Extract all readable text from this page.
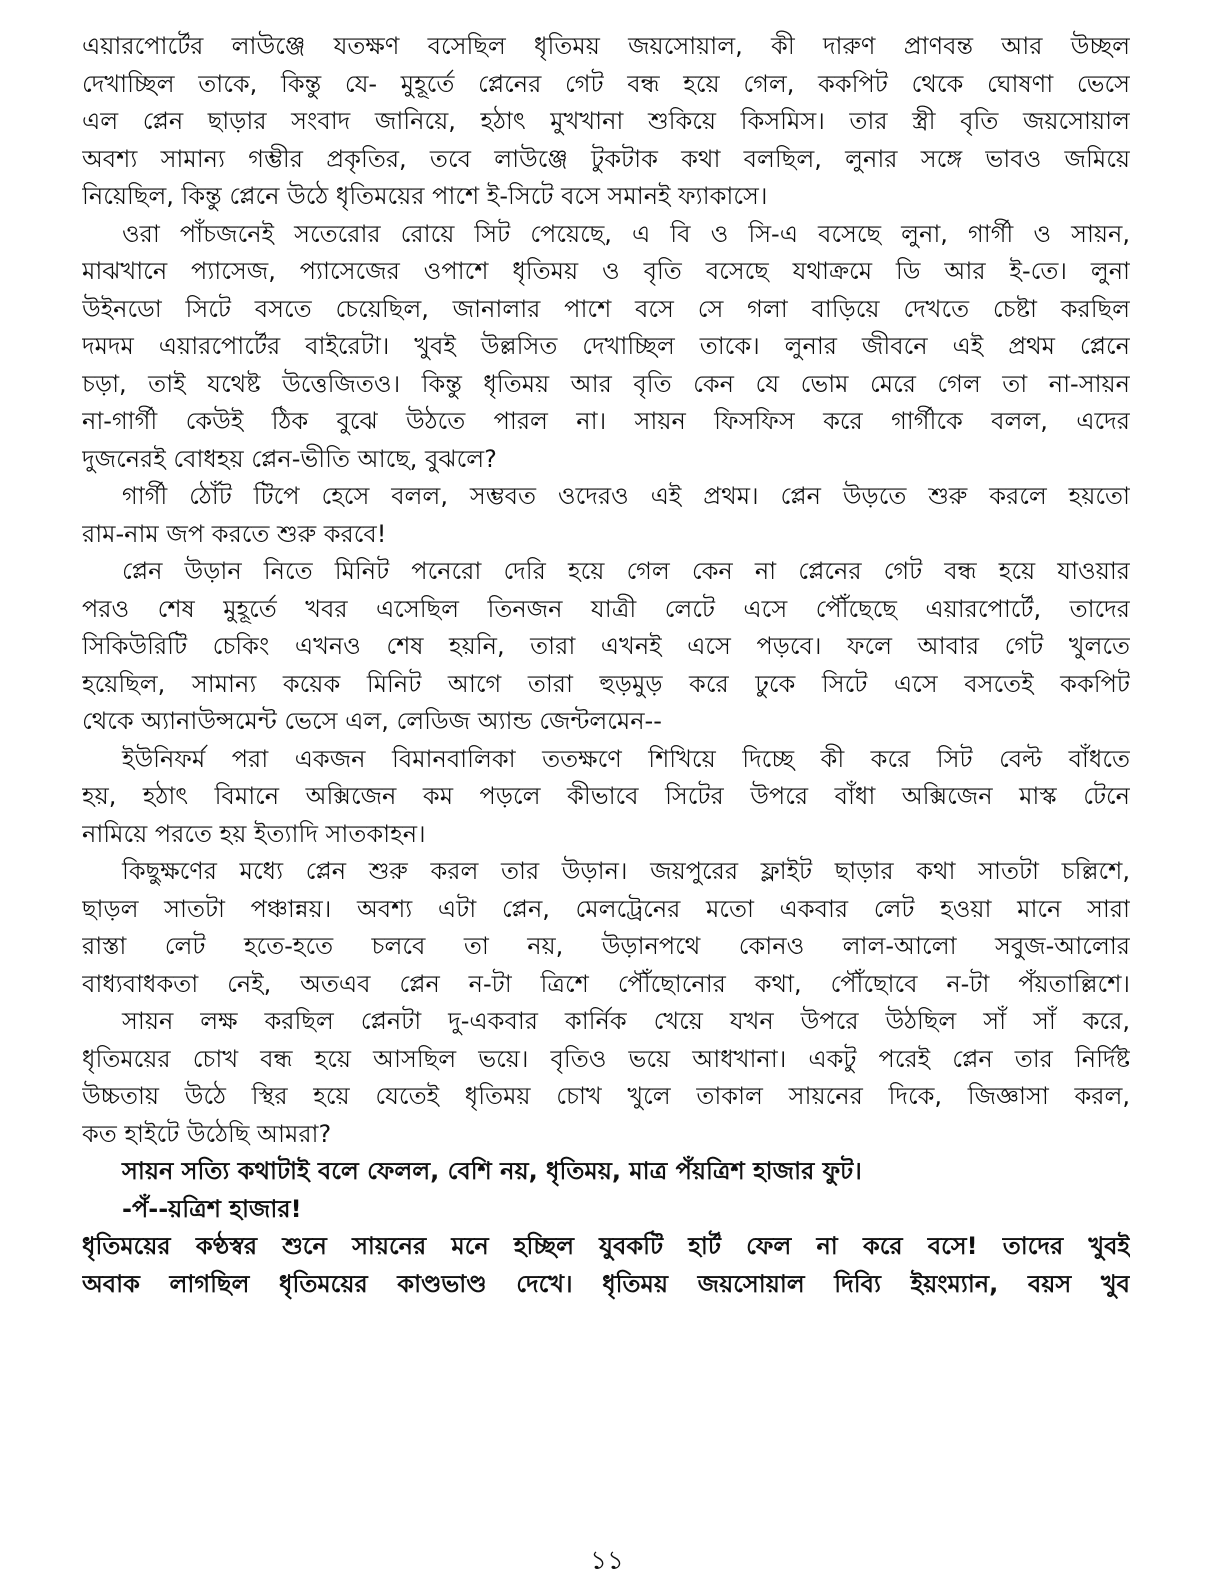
এয়ারপোর্টের লাউঞ্জে যতক্ষণ বসেছিল ধৃতিময় জয়সোয়াল, কী দারুণ প্রাণবন্ত আর উচ্ছল
দেখাচ্ছিল তাকে, কিন্তু যে- মুহূর্তে প্লেনের গেট বন্ধ হয়ে গেল, ককপিট থেকে ঘোষণা ভেসে
এল প্লেন ছাড়ার সংবাদ জানিয়ে, হঠাৎ মুখখানা শুকিয়ে কিসমিস। তার স্ত্রী বৃতি জয়সোয়াল
অবশ্য সামান্য গম্ভীর প্রকৃতির, তবে লাউঞ্জে টুকটাক কথা বলছিল, লুনার সঙ্গে ভাবও জমিয়ে
নিয়েছিল, কিন্তু প্লেনে উঠে ধৃতিময়ের পাশে ই-সিটে বসে সমানই ফ্যাকাসে।
ওরা পাঁচজনেই সতেরোর রোয়ে সিট পেয়েছে, এ বি ও সি-এ বসেছে লুনা, গার্গী ও সায়ন,
মাঝখানে প্যাসেজ, প্যাসেজের ওপাশে ধৃতিময় ও বৃতি বসেছে যথাক্রমে ডি আর ই-তে। লুনা
উইনডো সিটে বসতে চেয়েছিল, জানালার পাশে বসে সে গলা বাড়িয়ে দেখতে চেষ্টা করছিল
দমদম এয়ারপোর্টের বাইরেটা। খুবই উল্লসিত দেখাচ্ছিল তাকে। লুনার জীবনে এই প্রথম প্লেনে
চড়া, তাই যথেষ্ট উত্তেজিতও। কিন্তু ধৃতিময় আর বৃতি কেন যে ভোম মেরে গেল তা না-সায়ন
না-গার্গী কেউই ঠিক বুঝে উঠতে পারল না। সায়ন ফিসফিস করে গার্গীকে বলল, এদের
দুজনেরই বোধহয় প্লেন-ভীতি আছে, বুঝলে?
গার্গী ঠোঁট টিপে হেসে বলল, সম্ভবত ওদেরও এই প্রথম। প্লেন উড়তে শুরু করলে হয়তো
রাম-নাম জপ করতে শুরু করবে!
প্লেন উড়ান নিতে মিনিট পনেরো দেরি হয়ে গেল কেন না প্লেনের গেট বন্ধ হয়ে যাওয়ার
পরও শেষ মুহূর্তে খবর এসেছিল তিনজন যাত্রী লেটে এসে পৌঁছেছে এয়ারপোর্টে, তাদের
সিকিউরিটি চেকিং এখনও শেষ হয়নি, তারা এখনই এসে পড়বে। ফলে আবার গেট খুলতে
হয়েছিল, সামান্য কয়েক মিনিট আগে তারা হুড়মুড় করে ঢুকে সিটে এসে বসতেই ককপিট
থেকে অ্যানাউন্সমেন্ট ভেসে এল, লেডিজ অ্যান্ড জেন্টলমেন--
ইউনিফর্ম পরা একজন বিমানবালিকা ততক্ষণে শিখিয়ে দিচ্ছে কী করে সিট বেল্ট বাঁধতে
হয়, হঠাৎ বিমানে অক্সিজেন কম পড়লে কীভাবে সিটের উপরে বাঁধা অক্সিজেন মাস্ক টেনে
নামিয়ে পরতে হয় ইত্যাদি সাতকাহন।
কিছুক্ষণের মধ্যে প্লেন শুরু করল তার উড়ান। জয়পুরের ফ্লাইট ছাড়ার কথা সাতটা চল্লিশে,
ছাড়ল সাতটা পঞ্চান্নয়। অবশ্য এটা প্লেন, মেলট্রেনের মতো একবার লেট হওয়া মানে সারা
রাস্তা লেট হতে-হতে চলবে তা নয়, উড়ানপথে কোনও লাল-আলো সবুজ-আলোর
বাধ্যবাধকতা নেই, অতএব প্লেন ন-টা ত্রিশে পৌঁছোনোর কথা, পৌঁছোবে ন-টা পঁয়তাল্লিশে।
সায়ন লক্ষ করছিল প্লেনটা দু-একবার কার্নিক খেয়ে যখন উপরে উঠছিল সাঁ সাঁ করে,
ধৃতিময়ের চোখ বন্ধ হয়ে আসছিল ভয়ে। বৃতিও ভয়ে আধখানা। একটু পরেই প্লেন তার নির্দিষ্ট
উচ্চতায় উঠে স্থির হয়ে যেতেই ধৃতিময় চোখ খুলে তাকাল সায়নের দিকে, জিজ্ঞাসা করল,
কত হাইটে উঠেছি আমরা?
সায়ন সত্যি কথাটাই বলে ফেলল, বেশি নয়, ধৃতিময়, মাত্র পঁয়ত্রিশ হাজার ফুট।
-পঁ--য়ত্রিশ হাজার!
ধৃতিময়ের কণ্ঠস্বর শুনে সায়নের মনে হচ্ছিল যুবকটি হার্ট ফেল না করে বসে! তাদের খুবই
অবাক লাগছিল ধৃতিময়ের কাণ্ডভাণ্ড দেখে। ধৃতিময় জয়সোয়াল দিব্যি ইয়ংম্যান, বয়স খুব
১১
